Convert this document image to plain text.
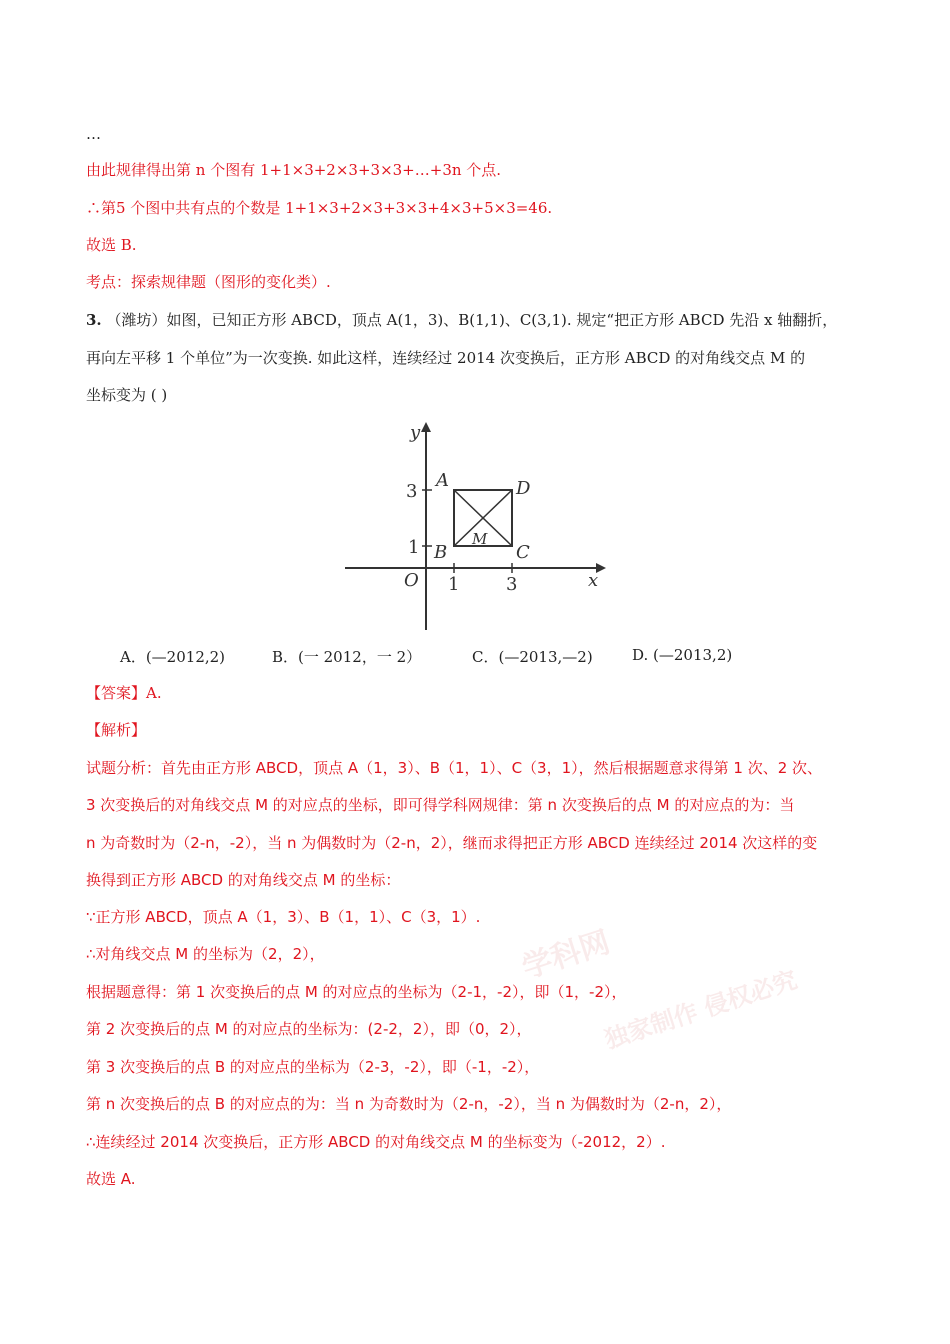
学科网
独家制作 侵权必究
…
由此规律得出第 n 个图有 1+1×3+2×3+3×3+…+3n 个点.
∴第5 个图中共有点的个数是 1+1×3+2×3+3×3+4×3+5×3=46.
故选 B.
考点：探索规律题（图形的变化类）.
3. （潍坊）如图，已知正方形 ABCD，顶点 A(1，3)、B(1,1)、C(3,1). 规定“把正方形 ABCD 先沿 x 轴翻折，
再向左平移 1 个单位”为一次变换. 如此这样，连续经过 2014 次变换后，正方形 ABCD 的对角线交点 M 的
坐标变为 ( )
y
x
O 1	3
3
1
A
B	C
D
M
A．(—2012,2)	B．(一 2012，一 2）	C．(—2013,—2)	D. (—2013,2)
【答案】A.
【解析】
试题分析：首先由正方形 ABCD，顶点 A（1，3）、B（1，1）、C（3，1），然后根据题意求得第 1 次、2 次、
3 次变换后的对角线交点 M 的对应点的坐标，即可得学科网规律：第 n 次变换后的点 M 的对应点的为：当
n 为奇数时为（2-n，-2），当 n 为偶数时为（2-n，2），继而求得把正方形 ABCD 连续经过 2014 次这样的变
换得到正方形 ABCD 的对角线交点 M 的坐标：
∵正方形 ABCD，顶点 A（1，3）、B（1，1）、C（3，1）.
∴对角线交点 M 的坐标为（2，2），
根据题意得：第 1 次变换后的点 M 的对应点的坐标为（2-1，-2），即（1，-2），
第 2 次变换后的点 M 的对应点的坐标为：(2-2，2），即（0，2），
第 3 次变换后的点 B 的对应点的坐标为（2-3，-2），即（-1，-2），
第 n 次变换后的点 B 的对应点的为：当 n 为奇数时为（2-n，-2），当 n 为偶数时为（2-n，2），
∴连续经过 2014 次变换后，正方形 ABCD 的对角线交点 M 的坐标变为（-2012，2）.
故选 A.
